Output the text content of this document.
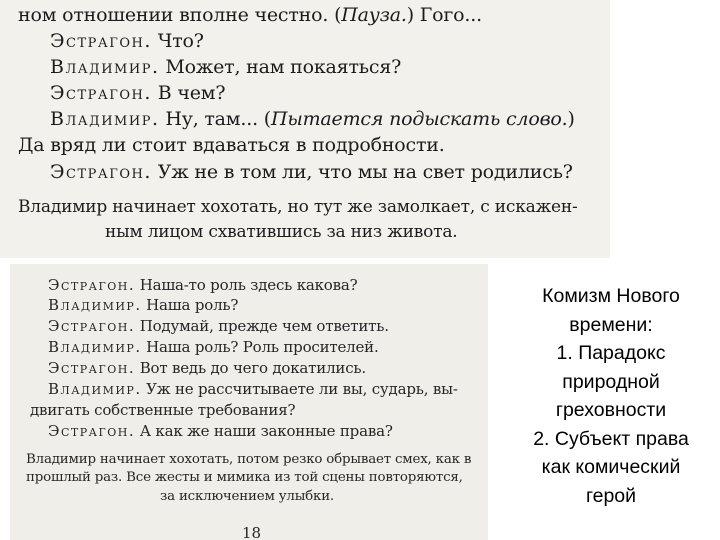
ном отношении вполне честно. (Пауза.) Гого...
Эстрагон. Что?
Владимир. Может, нам покаяться?
Эстрагон. В чем?
Владимир. Ну, там... (Пытается подыскать слово.)
Да вряд ли стоит вдаваться в подробности.
Эстрагон. Уж не в том ли, что мы на свет родились?
Владимир начинает хохотать, но тут же замолкает, с искажен-
ным лицом схватившись за низ живота.
Эстрагон. Наша-то роль здесь какова?
Владимир. Наша роль?
Эстрагон. Подумай, прежде чем ответить.
Владимир. Наша роль? Роль просителей.
Эстрагон. Вот ведь до чего докатились.
Владимир. Уж не рассчитываете ли вы, сударь, вы-
двигать собственные требования?
Эстрагон. А как же наши законные права?
Владимир начинает хохотать, потом резко обрывает смех, как в
прошлый раз. Все жесты и мимика из той сцены повторяются,
за исключением улыбки.
18
Комизм Нового
времени:
1. Парадокс
природной
греховности
2. Субъект права
как комический
герой
